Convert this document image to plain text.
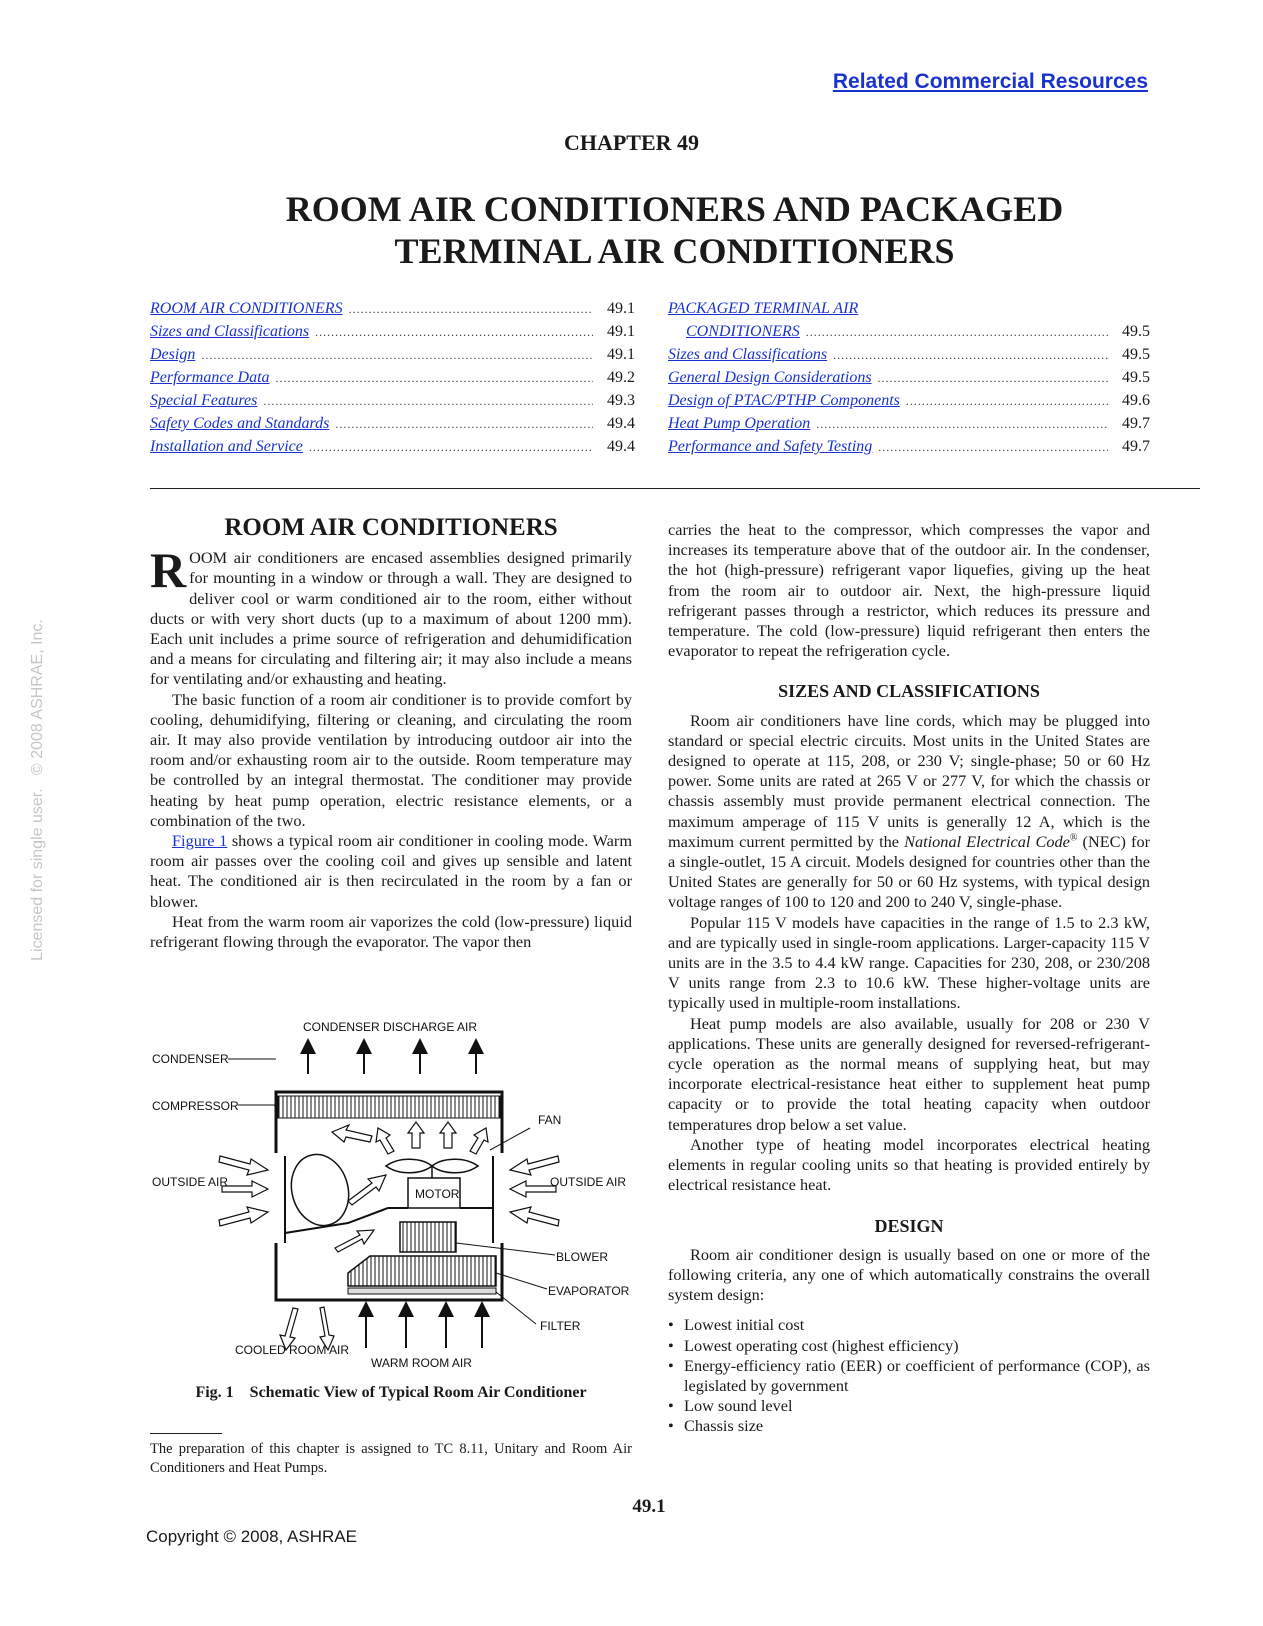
Related Commercial Resources
CHAPTER 49
ROOM AIR CONDITIONERS AND PACKAGED
TERMINAL AIR CONDITIONERS
ROOM AIR CONDITIONERS .....	49.1
Sizes and Classifications .....	49.1
Design .....	49.1
Performance Data .....	49.2
Special Features .....	49.3
Safety Codes and Standards .....	49.4
Installation and Service .....	49.4
PACKAGED TERMINAL AIR
CONDITIONERS .....	49.5
Sizes and Classifications .....	49.5
General Design Considerations .....	49.5
Design of PTAC/PTHP Components .....	49.6
Heat Pump Operation .....	49.7
Performance and Safety Testing .....	49.7
ROOM AIR CONDITIONERS

ROOM air conditioners are encased assemblies designed primarily for mounting in a window or through a wall. They are designed to deliver cool or warm conditioned air to the room, either without ducts or with very short ducts (up to a maximum of about 1200 mm). Each unit includes a prime source of refrigeration and dehumidification and a means for circulating and filtering air; it may also include a means for ventilating and/or exhausting and heating.

The basic function of a room air conditioner is to provide comfort by cooling, dehumidifying, filtering or cleaning, and circulating the room air. It may also provide ventilation by introducing outdoor air into the room and/or exhausting room air to the outside. Room temperature may be controlled by an integral thermostat. The conditioner may provide heating by heat pump operation, electric resistance elements, or a combination of the two.

Figure 1 shows a typical room air conditioner in cooling mode. Warm room air passes over the cooling coil and gives up sensible and latent heat. The conditioned air is then recirculated in the room by a fan or blower.

Heat from the warm room air vaporizes the cold (low-pressure) liquid refrigerant flowing through the evaporator. The vapor then

CONDENSER DISCHARGE AIR
MOTOR
CONDENSER
COMPRESSOR
FAN
OUTSIDE AIR	OUTSIDE AIR
BLOWER
EVAPORATOR
FILTER
COOLED ROOM AIR
WARM ROOM AIR
Fig. 1    Schematic View of Typical Room Air Conditioner
The preparation of this chapter is assigned to TC 8.11, Unitary and Room Air Conditioners and Heat Pumps.

carries the heat to the compressor, which compresses the vapor and increases its temperature above that of the outdoor air. In the condenser, the hot (high-pressure) refrigerant vapor liquefies, giving up the heat from the room air to outdoor air. Next, the high-pressure liquid refrigerant passes through a restrictor, which reduces its pressure and temperature. The cold (low-pressure) liquid refrigerant then enters the evaporator to repeat the refrigeration cycle.

SIZES AND CLASSIFICATIONS

Room air conditioners have line cords, which may be plugged into standard or special electric circuits. Most units in the United States are designed to operate at 115, 208, or 230 V; single-phase; 50 or 60 Hz power. Some units are rated at 265 V or 277 V, for which the chassis or chassis assembly must provide permanent electrical connection. The maximum amperage of 115 V units is generally 12 A, which is the maximum current permitted by the National Electrical Code® (NEC) for a single-outlet, 15 A circuit. Models designed for countries other than the United States are generally for 50 or 60 Hz systems, with typical design voltage ranges of 100 to 120 and 200 to 240 V, single-phase.

Popular 115 V models have capacities in the range of 1.5 to 2.3 kW, and are typically used in single-room applications. Larger-capacity 115 V units are in the 3.5 to 4.4 kW range. Capacities for 230, 208, or 230/208 V units range from 2.3 to 10.6 kW. These higher-voltage units are typically used in multiple-room installations.

Heat pump models are also available, usually for 208 or 230 V applications. These units are generally designed for reversed-refrigerant-cycle operation as the normal means of supplying heat, but may incorporate electrical-resistance heat either to supplement heat pump capacity or to provide the total heating capacity when outdoor temperatures drop below a set value.

Another type of heating model incorporates electrical heating elements in regular cooling units so that heating is provided entirely by electrical resistance heat.

DESIGN

Room air conditioner design is usually based on one or more of the following criteria, any one of which automatically constrains the overall system design:

• Lowest initial cost
• Lowest operating cost (highest efficiency)
• Energy-efficiency ratio (EER) or coefficient of performance (COP), as legislated by government
• Low sound level
• Chassis size
49.1
Copyright © 2008, ASHRAE
Licensed for single user.   © 2008 ASHRAE, Inc.
